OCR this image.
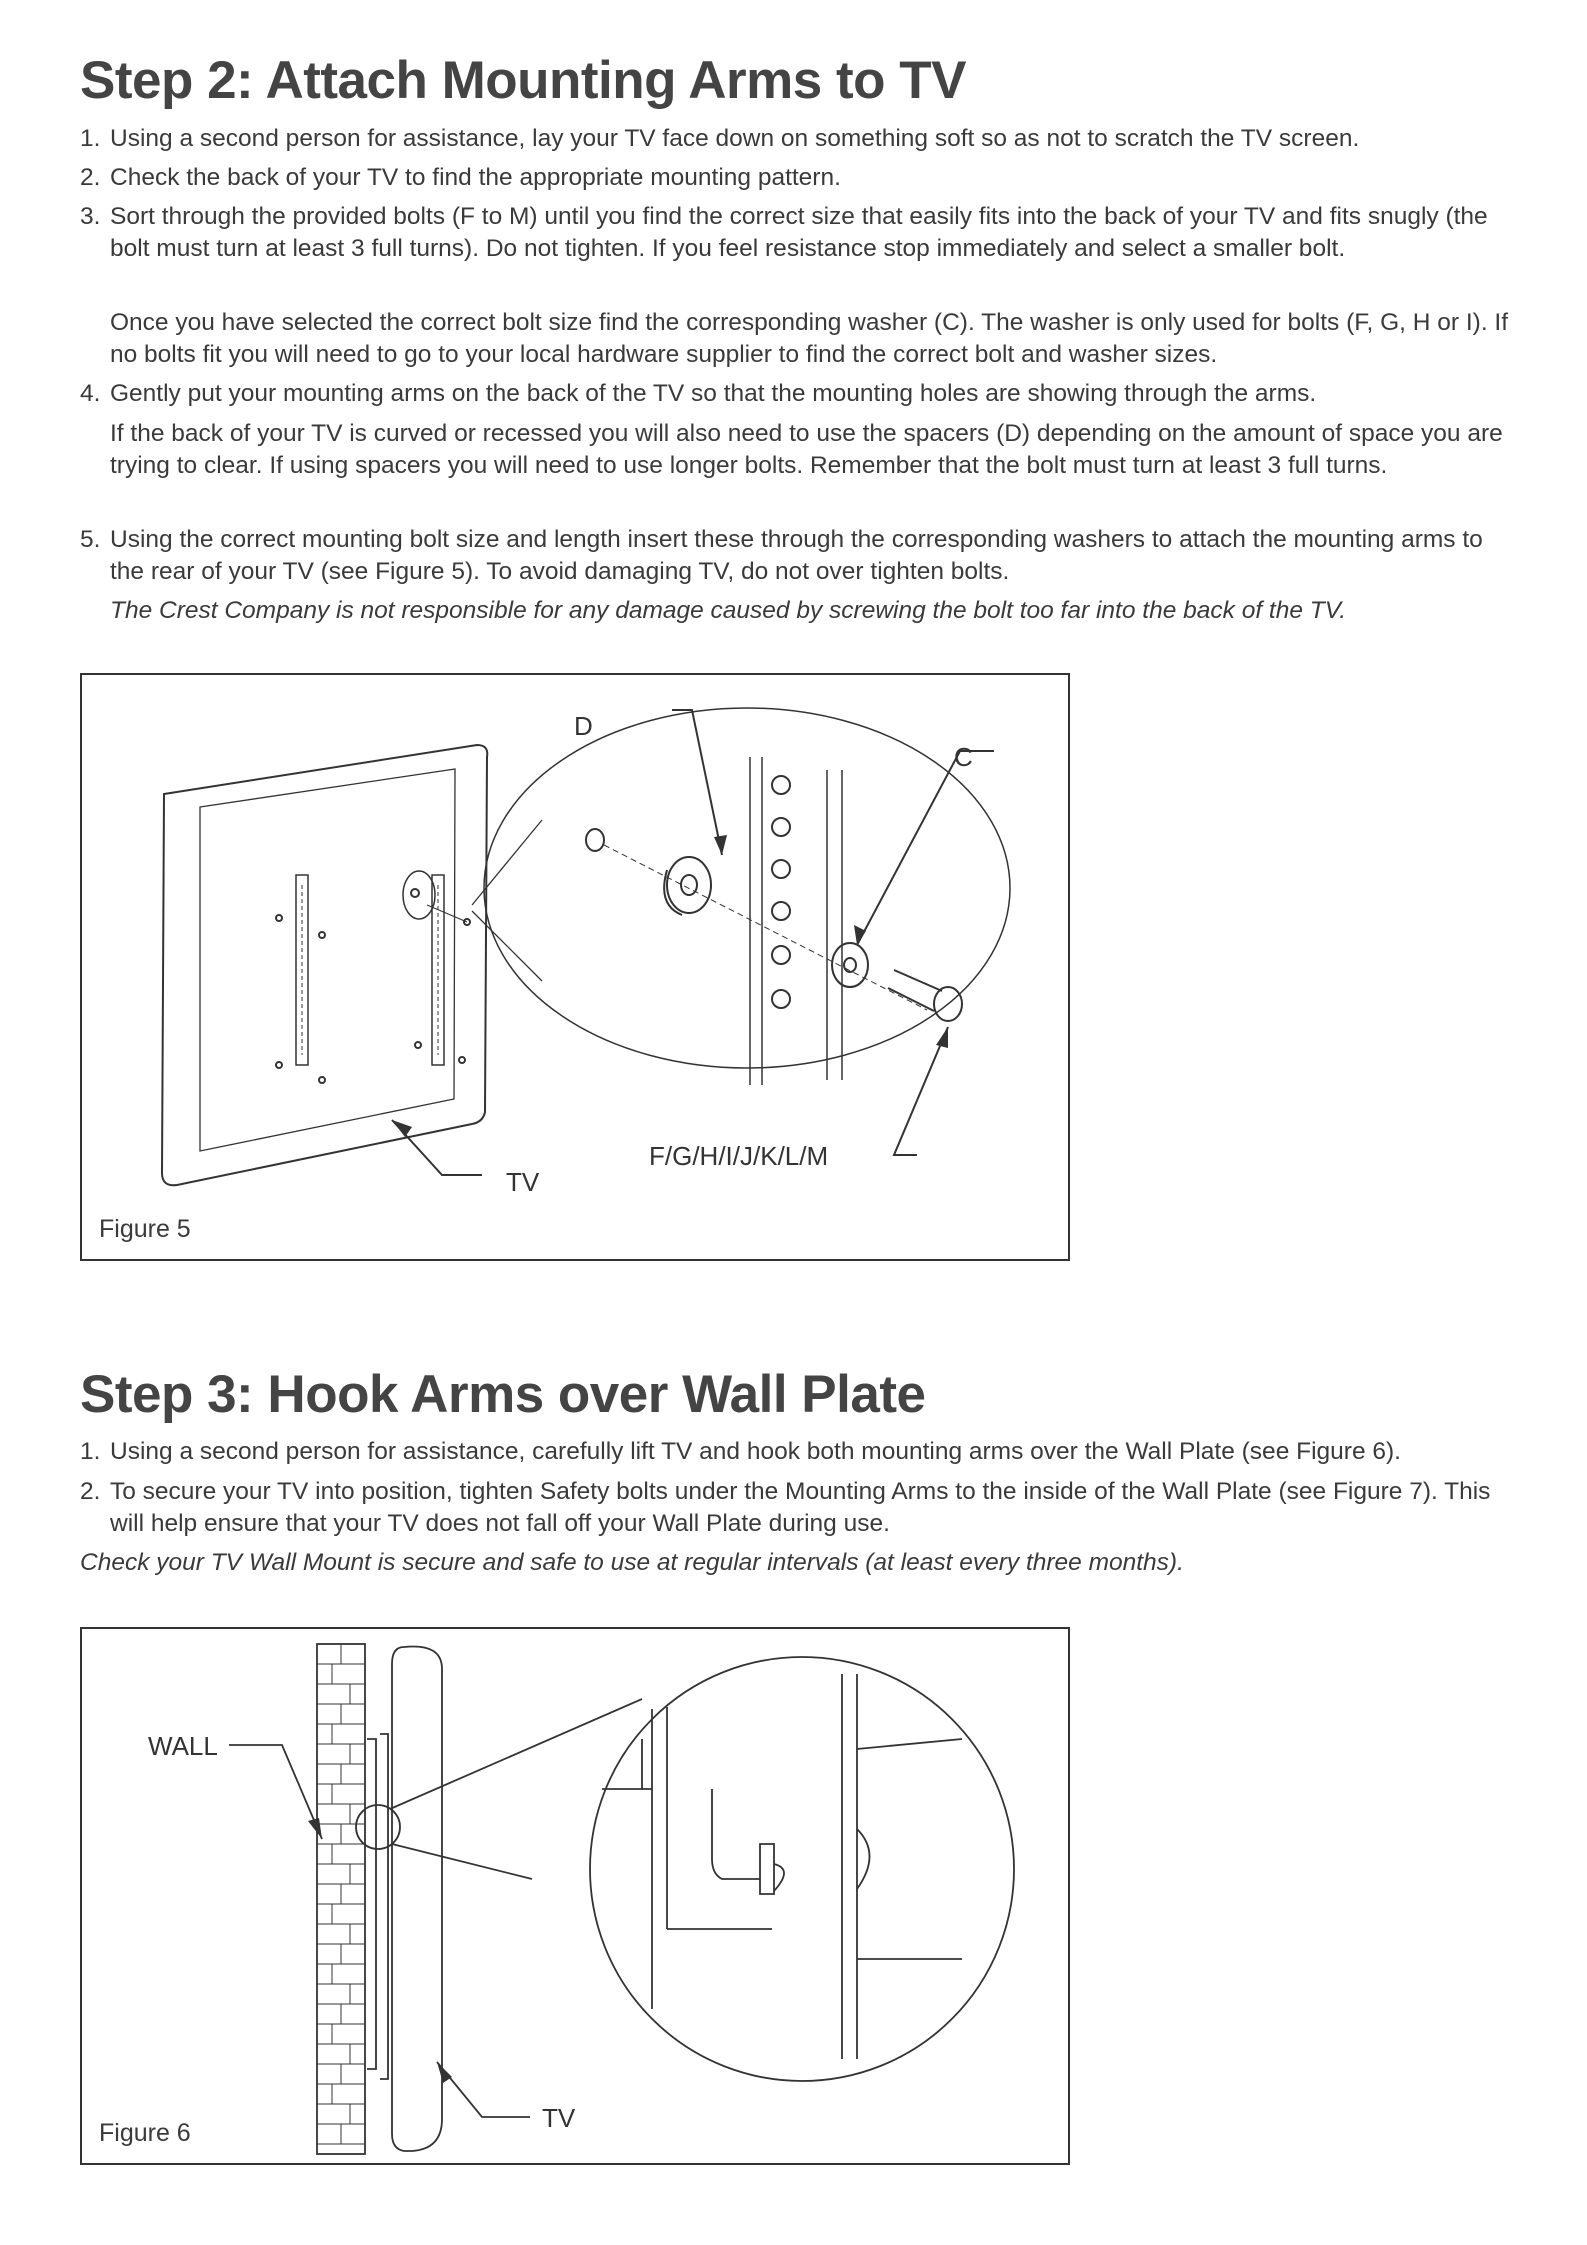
Step 2: Attach Mounting Arms to TV
1. Using a second person for assistance, lay your TV face down on something soft so as not to scratch the TV screen.
2. Check the back of your TV to find the appropriate mounting pattern.
3. Sort through the provided bolts (F to M) until you find the correct size that easily fits into the back of your TV and fits snugly (the bolt must turn at least 3 full turns). Do not tighten. If you feel resistance stop immediately and select a smaller bolt.
Once you have selected the correct bolt size find the corresponding washer (C). The washer is only used for bolts (F, G, H or I). If no bolts fit you will need to go to your local hardware supplier to find the correct bolt and washer sizes.
4. Gently put your mounting arms on the back of the TV so that the mounting holes are showing through the arms.
If the back of your TV is curved or recessed you will also need to use the spacers (D) depending on the amount of space you are trying to clear. If using spacers you will need to use longer bolts. Remember that the bolt must turn at least 3 full turns.
5. Using the correct mounting bolt size and length insert these through the corresponding washers to attach the mounting arms to the rear of your TV (see Figure 5). To avoid damaging TV, do not over tighten bolts.
The Crest Company is not responsible for any damage caused by screwing the bolt too far into the back of the TV.
D
C
F/G/H/I/J/K/L/M
TV
Figure 5
Step 3: Hook Arms over Wall Plate
1. Using a second person for assistance, carefully lift TV and hook both mounting arms over the Wall Plate (see Figure 6).
2. To secure your TV into position, tighten Safety bolts under the Mounting Arms to the inside of the Wall Plate (see Figure 7). This will help ensure that your TV does not fall off your Wall Plate during use.
Check your TV Wall Mount is secure and safe to use at regular intervals (at least every three months).
WALL
TV
Figure 6
